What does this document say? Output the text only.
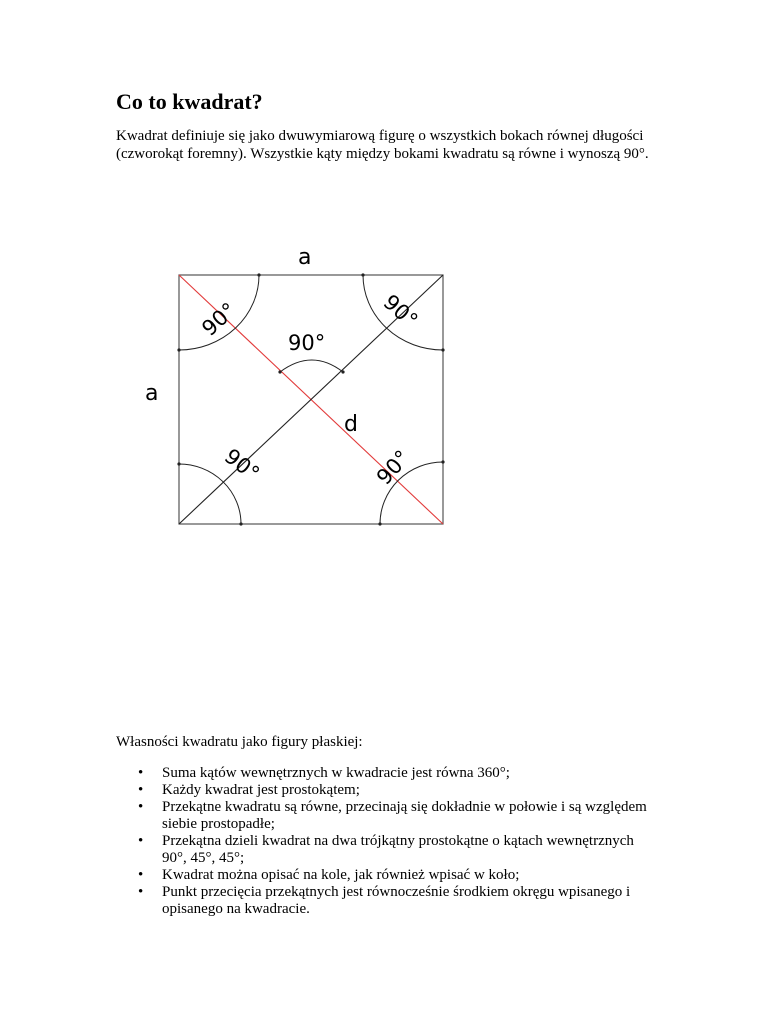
Co to kwadrat?

Kwadrat definiuje się jako dwuwymiarową figurę o wszystkich bokach równej długości (czworokąt foremny). Wszystkie kąty między bokami kwadratu są równe i wynoszą 90°.

a
a
90°
d
90°	90°
90°	90°

Własności kwadratu jako figury płaskiej:

• Suma kątów wewnętrznych w kwadracie jest równa 360°;
• Każdy kwadrat jest prostokątem;
• Przekątne kwadratu są równe, przecinają się dokładnie w połowie i są względem siebie prostopadłe;
• Przekątna dzieli kwadrat na dwa trójkątny prostokątne o kątach wewnętrznych 90°, 45°, 45°;
• Kwadrat można opisać na kole, jak również wpisać w koło;
• Punkt przecięcia przekątnych jest równocześnie środkiem okręgu wpisanego i opisanego na kwadracie.
